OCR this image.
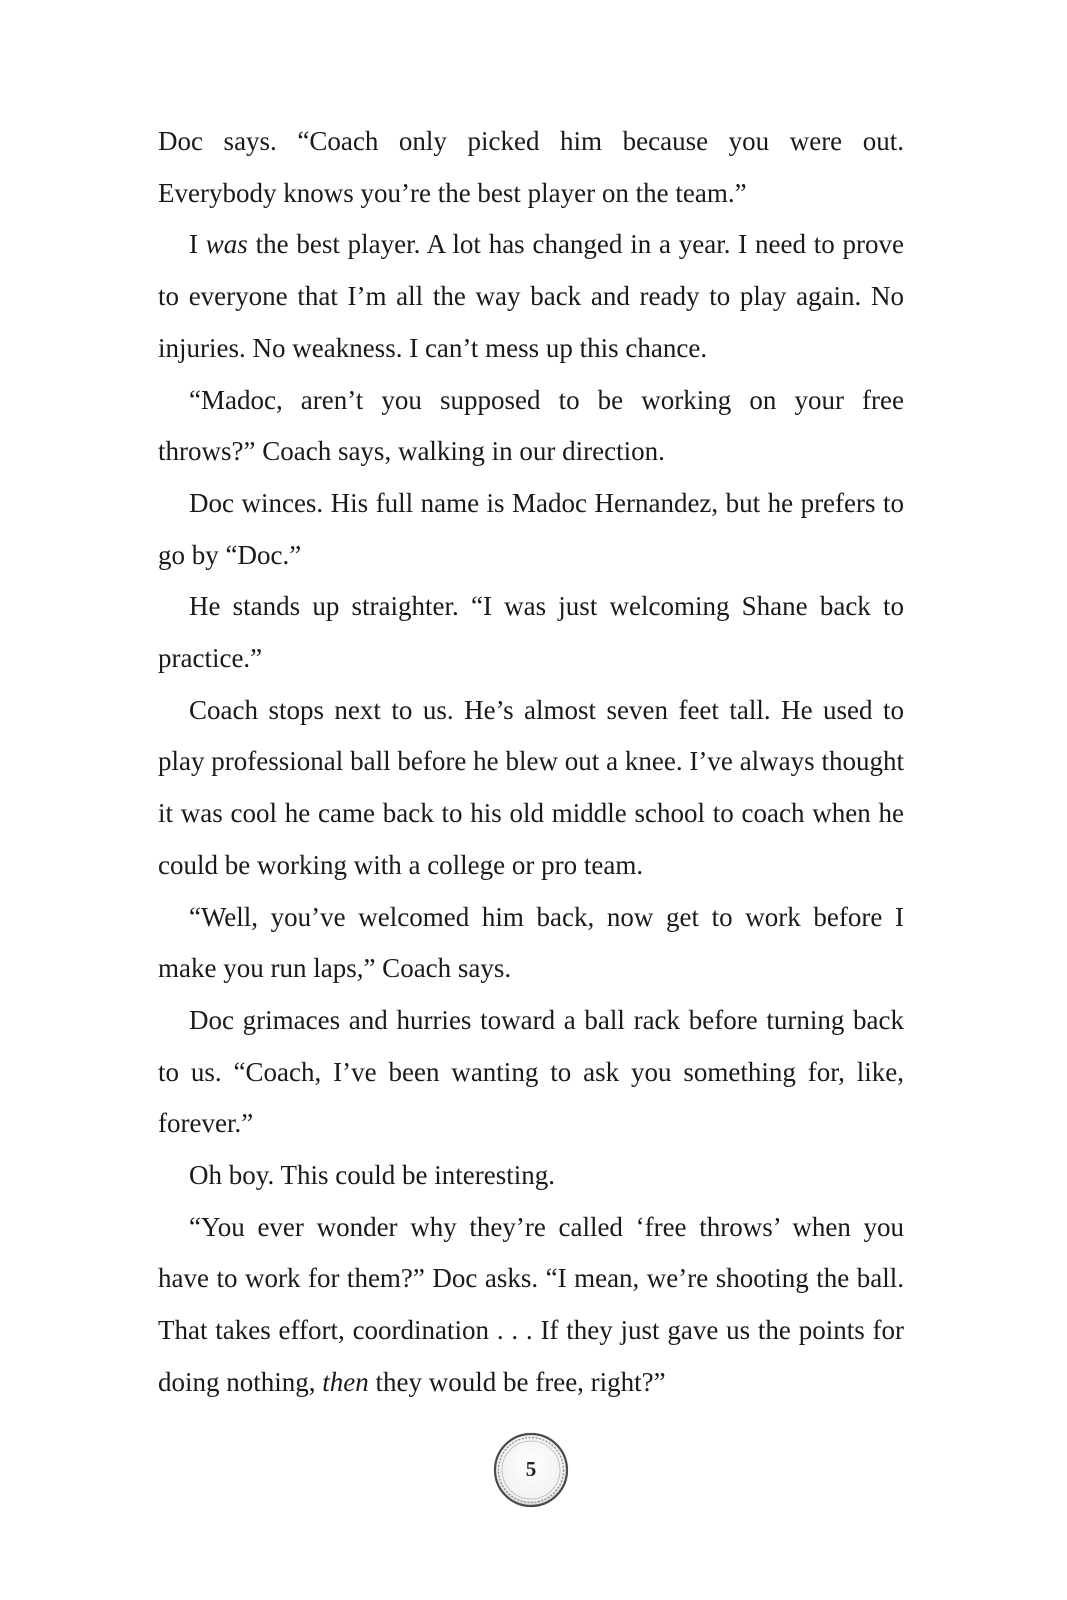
Doc says. “Coach only picked him because you were out. Everybody knows you’re the best player on the team.”

I was the best player. A lot has changed in a year. I need to prove to everyone that I’m all the way back and ready to play again. No injuries. No weakness. I can’t mess up this chance.

“Madoc, aren’t you supposed to be working on your free throws?” Coach says, walking in our direction.

Doc winces. His full name is Madoc Hernandez, but he prefers to go by “Doc.”

He stands up straighter. “I was just welcoming Shane back to practice.”

Coach stops next to us. He’s almost seven feet tall. He used to play professional ball before he blew out a knee. I’ve always thought it was cool he came back to his old middle school to coach when he could be working with a college or pro team.

“Well, you’ve welcomed him back, now get to work before I make you run laps,” Coach says.

Doc grimaces and hurries toward a ball rack before turning back to us. “Coach, I’ve been wanting to ask you something for, like, forever.”

Oh boy. This could be interesting.

“You ever wonder why they’re called ‘free throws’ when you have to work for them?” Doc asks. “I mean, we’re shooting the ball. That takes effort, coordination . . . If they just gave us the points for doing nothing, then they would be free, right?”

5
